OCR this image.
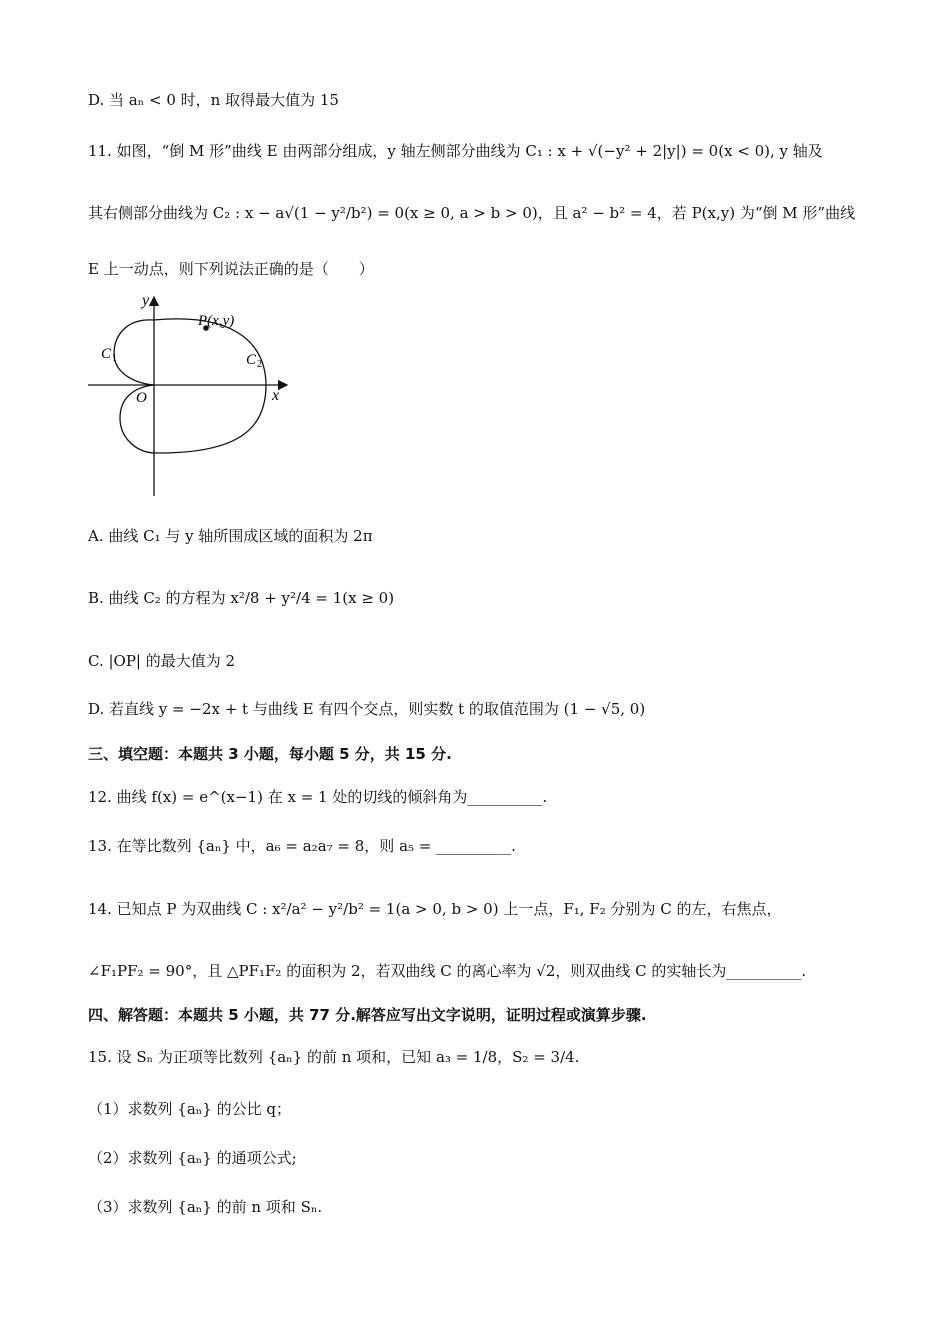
D. 当 aₙ < 0 时，n 取得最大值为 15
11. 如图，“倒 M 形”曲线 E 由两部分组成，y 轴左侧部分曲线为 C₁ : x + √(−y² + 2|y|) = 0(x < 0), y 轴及
其右侧部分曲线为 C₂ : x − a√(1 − y²/b²) = 0(x ≥ 0, a > b > 0)，且 a² − b² = 4，若 P(x,y) 为“倒 M 形”曲线
E 上一动点，则下列说法正确的是（　　）
A. 曲线 C₁ 与 y 轴所围成区域的面积为 2π
B. 曲线 C₂ 的方程为 x²/8 + y²/4 = 1(x ≥ 0)
C. |OP| 的最大值为 2
D. 若直线 y = −2x + t 与曲线 E 有四个交点，则实数 t 的取值范围为 (1 − √5, 0)
三、填空题：本题共 3 小题，每小题 5 分，共 15 分.
12. 曲线 f(x) = e^(x−1) 在 x = 1 处的切线的倾斜角为__________.
13. 在等比数列 {aₙ} 中，a₆ = a₂a₇ = 8，则 a₅ = __________.
14. 已知点 P 为双曲线 C : x²/a² − y²/b² = 1(a > 0, b > 0) 上一点，F₁, F₂ 分别为 C 的左，右焦点，
∠F₁PF₂ = 90°，且 △PF₁F₂ 的面积为 2，若双曲线 C 的离心率为 √2，则双曲线 C 的实轴长为__________.
四、解答题：本题共 5 小题，共 77 分.解答应写出文字说明，证明过程或演算步骤.
15. 设 Sₙ 为正项等比数列 {aₙ} 的前 n 项和，已知 a₃ = 1/8，S₂ = 3/4.
（1）求数列 {aₙ} 的公比 q；
（2）求数列 {aₙ} 的通项公式;
（3）求数列 {aₙ} 的前 n 项和 Sₙ.
y
x
O
P(x,y)
C 1	C 2
